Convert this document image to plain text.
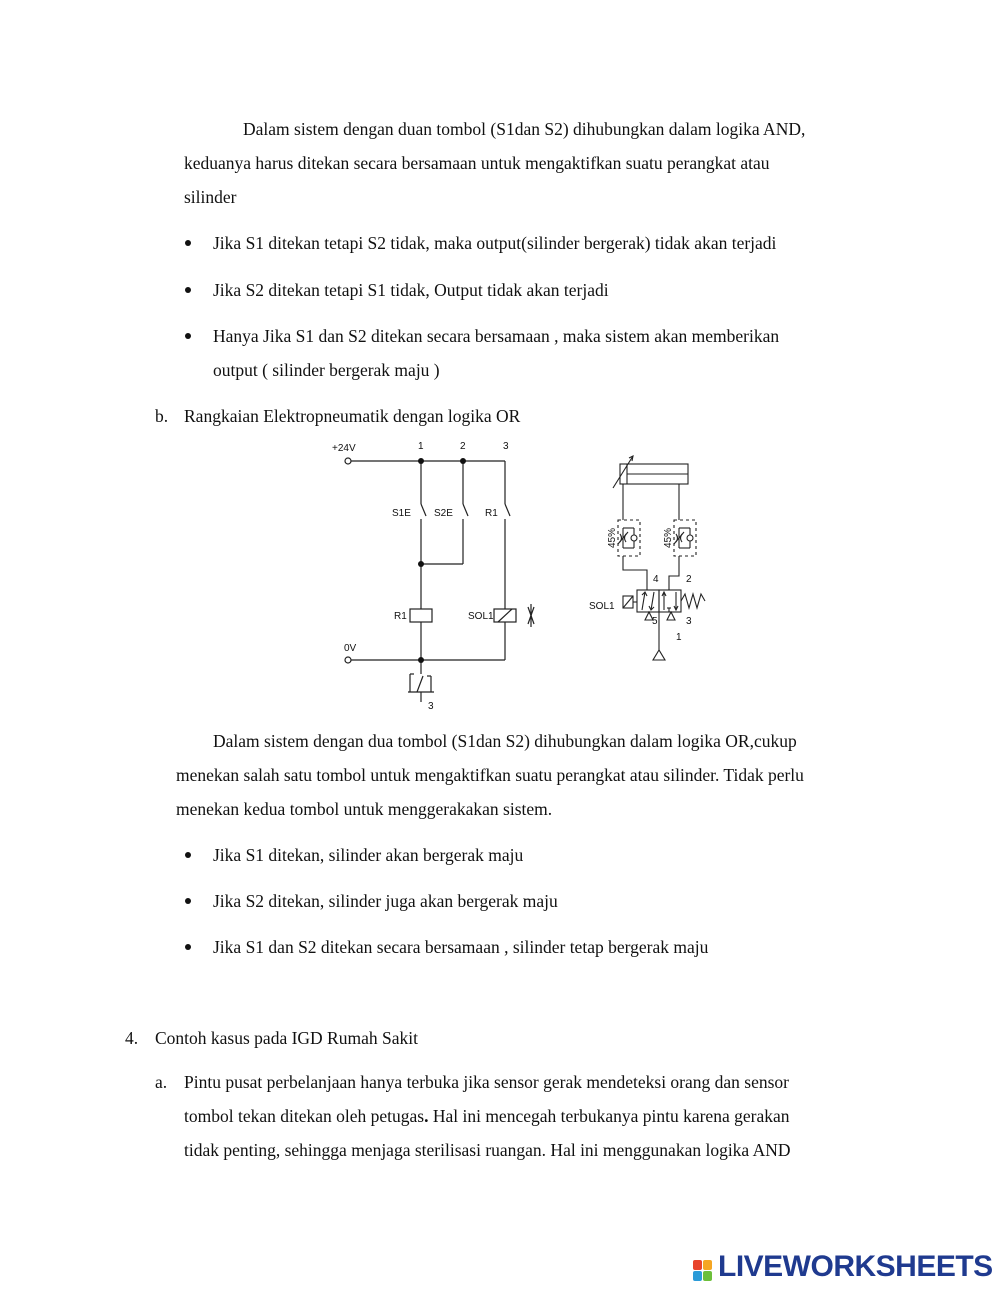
Dalam sistem dengan duan tombol (S1dan S2) dihubungkan dalam logika AND,
keduanya harus ditekan secara bersamaan untuk mengaktifkan suatu perangkat atau
silinder
Jika S1 ditekan tetapi S2 tidak, maka output(silinder bergerak) tidak akan terjadi
Jika S2 ditekan tetapi S1 tidak, Output tidak akan terjadi
Hanya Jika S1 dan S2 ditekan secara bersamaan , maka sistem akan memberikan
output ( silinder bergerak maju )
b. Rangkaian Elektropneumatik dengan logika OR
+24V
0V
1	2	3
S1E S2E	R1
R1	SOL1
3
45%	45%
4	2
5	3
1
SOL1
Dalam sistem dengan dua tombol (S1dan S2) dihubungkan dalam logika OR,cukup
menekan salah satu tombol untuk mengaktifkan suatu perangkat atau silinder. Tidak perlu
menekan kedua tombol untuk menggerakakan sistem.
Jika S1 ditekan, silinder akan bergerak maju
Jika S2 ditekan, silinder juga akan bergerak maju
Jika S1 dan S2 ditekan secara bersamaan , silinder tetap bergerak maju
4. Contoh kasus pada IGD Rumah Sakit
a. Pintu pusat perbelanjaan hanya terbuka jika sensor gerak mendeteksi orang dan sensor
tombol tekan ditekan oleh petugas. Hal ini mencegah terbukanya pintu karena gerakan
tidak penting, sehingga menjaga sterilisasi ruangan. Hal ini menggunakan logika AND
LIVEWORKSHEETS
